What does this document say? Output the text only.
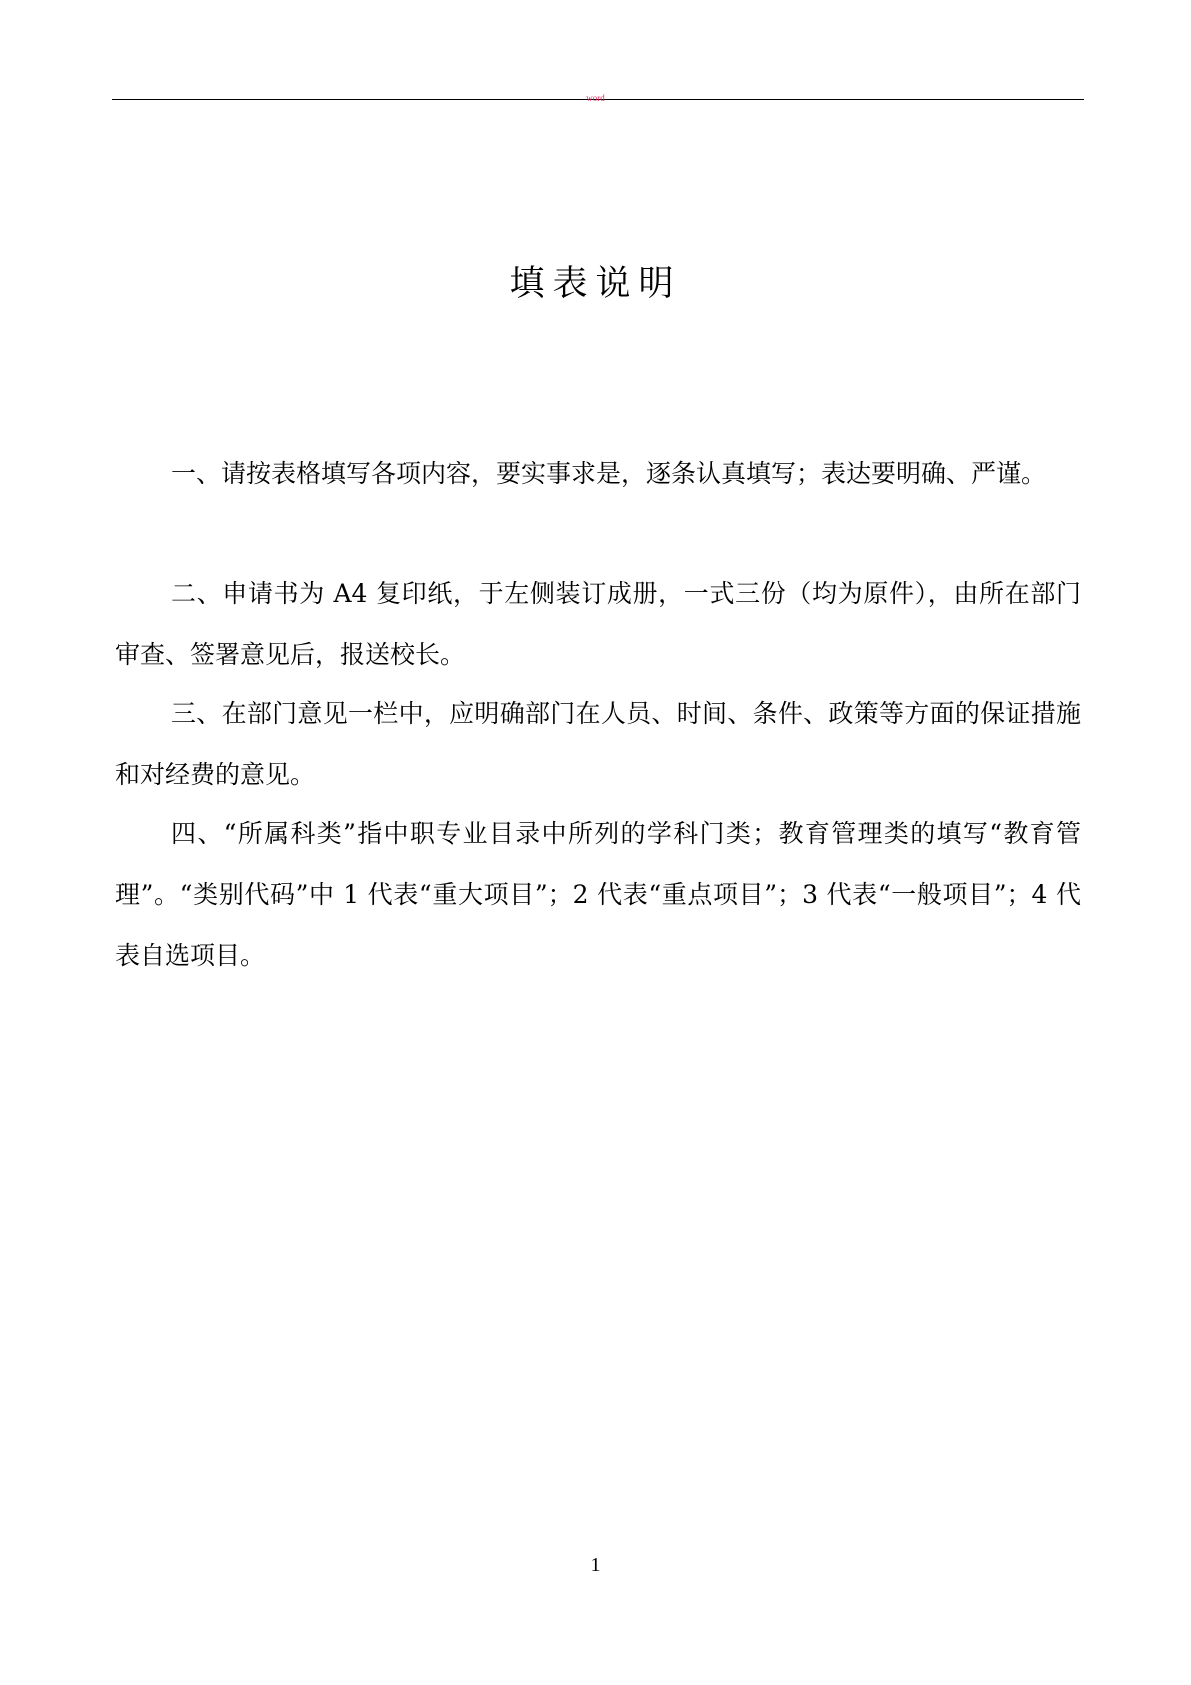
word
填表说明

一、请按表格填写各项内容，要实事求是，逐条认真填写；表达要明确、严谨。

二、申请书为 A4 复印纸，于左侧装订成册，一式三份（均为原件），由所在部门审查、签署意见后，报送校长。

三、在部门意见一栏中，应明确部门在人员、时间、条件、政策等方面的保证措施和对经费的意见。

四、“所属科类”指中职专业目录中所列的学科门类；教育管理类的填写“教育管理”。“类别代码”中 1 代表“重大项目”；2 代表“重点项目”；3 代表“一般项目”；4 代表自选项目。

1
